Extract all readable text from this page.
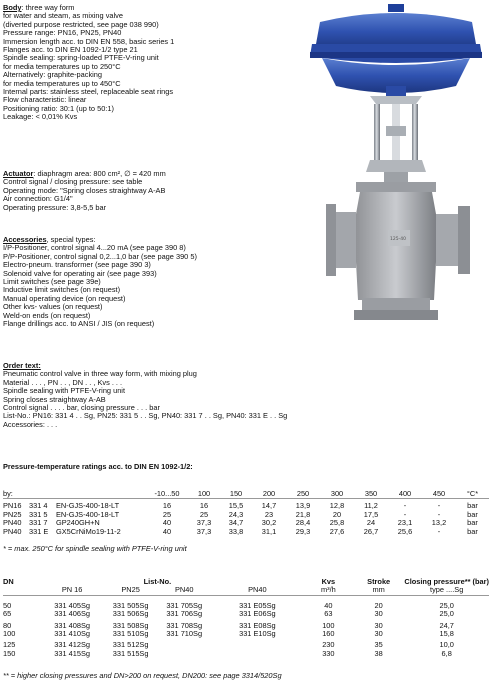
Body: three way form
for water and steam, as mixing valve
(diverted purpose restricted, see page 038 990)
Pressure range: PN16, PN25, PN40
Immersion length acc. to DIN EN 558, basic series 1
Flanges acc. to DIN EN 1092-1/2 type 21
Spindle sealing: spring-loaded PTFE-V-ring unit
for media temperatures up to 250°C
Alternatively: graphite-packing
for media temperatures up to 450°C
Internal parts: stainless steel, replaceable seat rings
Flow characteristic: linear
Positioning ratio: 30:1 (up to 50:1)
Leakage: < 0,01% Kvs
Actuator: diaphragm area: 800 cm², ∅ = 420 mm
Control signal / closing pressure: see table
Operating mode: "Spring closes straightway A-AB
Air connection: G1/4"
Operating pressure: 3,8-5,5 bar
Accessories, special types:
I/P-Positioner, control signal 4...20 mA (see page 390 8)
P/P-Positioner, control signal 0,2...1,0 bar (see page 390 5)
Electro-pneum. transformer (see page 390 3)
Solenoid valve for operating air (see page 393)
Limit switches (see page 39e)
Inductive limit switches (on request)
Manual operating device (on request)
Other kvs- values (on request)
Weld-on ends (on request)
Flange drillings acc. to ANSI / JIS (on request)
Order text:
Pneumatic control valve in three way form, with mixing plug
Material . . . , PN . . , DN . . , Kvs . . .
Spindle sealing with PTFE-V-ring unit
Spring closes straightway A-AB
Control signal . . . . bar, closing pressure . . . bar
List-No.: PN16: 331 4 . . Sg, PN25: 331 5 . . Sg, PN40: 331 7 . . Sg, PN40: 331 E . . Sg
Accessories: . . .
125-40
Pressure-temperature ratings acc. to DIN EN 1092-1/2:
by:			-10...50	100	150	200	250	300	350	400	450	°C*

PN16	331 4	EN-GJS-400-18-LT	16	16	15,5	14,7	13,9	12,8	11,2	-	-	bar
PN25	331 5	EN-GJS-400-18-LT	25	25	24,3	23	21,8	20	17,5	-	-	bar
PN40	331 7	GP240GH+N	40	37,3	34,7	30,2	28,4	25,8	24	23,1	13,2	bar
PN40	331 E	GX5CrNiMo19-11-2	40	37,3	33,8	31,1	29,3	27,6	26,7	25,6	-	bar
* = max. 250°C for spindle sealing with PTFE-V-ring unit
DN		List-No.			Kvs	Stroke	Closing pressure** (bar)
	PN 16	PN25	PN40	PN40	m³/h	mm	type ....Sg

50	331 405Sg	331 505Sg	331 705Sg	331 E05Sg	40	20	25,0
65	331 406Sg	331 506Sg	331 706Sg	331 E06Sg	63	30	25,0

80	331 408Sg	331 508Sg	331 708Sg	331 E08Sg	100	30	24,7
100	331 410Sg	331 510Sg	331 710Sg	331 E10Sg	160	30	15,8

125	331 412Sg	331 512Sg			230	35	10,0
150	331 415Sg	331 515Sg			330	38	6,8
** = higher closing pressures and DN>200 on request, DN200: see page 3314/520Sg
